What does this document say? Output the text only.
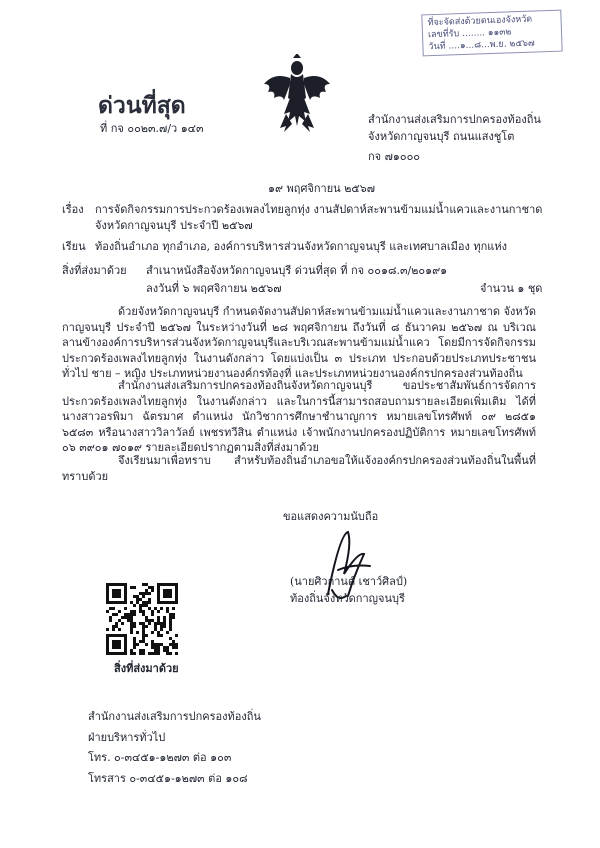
ที่จะจัดส่งด้วยตนเองจังหวัด
เลขที่รับ ........ ๑๑๓๒
วันที่ ....๑...๘...พ.ย. ๒๕๖๗
ด่วนที่สุด
ที่ กจ ๐๐๒๓.๗/ว ๑๔๓
สำนักงานส่งเสริมการปกครองท้องถิ่น
จังหวัดกาญจนบุรี ถนนแสงชูโต
กจ ๗๑๐๐๐
๑๙ พฤศจิกายน ๒๕๖๗
เรื่อง การจัดกิจกรรมการประกวดร้องเพลงไทยลูกทุ่ง งานสัปดาห์สะพานข้ามแม่น้ำแควและงานกาชาด
จังหวัดกาญจนบุรี ประจำปี ๒๕๖๗
เรียน ท้องถิ่นอำเภอ ทุกอำเภอ, องค์การบริหารส่วนจังหวัดกาญจนบุรี และเทศบาลเมือง ทุกแห่ง
สิ่งที่ส่งมาด้วย สำเนาหนังสือจังหวัดกาญจนบุรี ด่วนที่สุด ที่ กจ ๐๐๑๘.๓/๒๐๑๙๑
ลงวันที่ ๖ พฤศจิกายน ๒๕๖๗	จำนวน ๑ ชุด
ด้วยจังหวัดกาญจนบุรี กำหนดจัดงานสัปดาห์สะพานข้ามแม่น้ำแควและงานกาชาด จังหวัดกาญจนบุรี ประจำปี ๒๕๖๗ ในระหว่างวันที่ ๒๘ พฤศจิกายน ถึงวันที่ ๘ ธันวาคม ๒๕๖๗ ณ บริเวณลานข้างองค์การบริหารส่วนจังหวัดกาญจนบุรีและบริเวณสะพานข้ามแม่น้ำแคว โดยมีการจัดกิจกรรมประกวดร้องเพลงไทยลูกทุ่ง ในงานดังกล่าว โดยแบ่งเป็น ๓ ประเภท ประกอบด้วยประเภทประชาชนทั่วไป ชาย – หญิง ประเภทหน่วยงานองค์กรท้องที่ และประเภทหน่วยงานองค์กรปกครองส่วนท้องถิ่น
สำนักงานส่งเสริมการปกครองท้องถิ่นจังหวัดกาญจนบุรี ขอประชาสัมพันธ์การจัดการประกวดร้องเพลงไทยลูกทุ่ง ในงานดังกล่าว และในการนี้สามารถสอบถามรายละเอียดเพิ่มเติม ได้ที่ นางสาวอรพิมา ฉัตรมาศ ตำแหน่ง นักวิชาการศึกษาชำนาญการ หมายเลขโทรศัพท์ ๐๙ ๒๘๕๑ ๖๕๘๓ หรือนางสาววิลาวัลย์ เพชรทวีสิน ตำแหน่ง เจ้าพนักงานปกครองปฏิบัติการ หมายเลขโทรศัพท์ ๐๖ ๓๙๐๑ ๗๐๑๙ รายละเอียดปรากฏตามสิ่งที่ส่งมาด้วย
จึงเรียนมาเพื่อทราบ สำหรับท้องถิ่นอำเภอขอให้แจ้งองค์กรปกครองส่วนท้องถิ่นในพื้นที่ทราบด้วย
ขอแสดงความนับถือ
(นายศิวกานต์ เชาว์ศิลป์)
ท้องถิ่นจังหวัดกาญจนบุรี
สิ่งที่ส่งมาด้วย
สำนักงานส่งเสริมการปกครองท้องถิ่น
ฝ่ายบริหารทั่วไป
โทร. ๐-๓๔๕๑-๑๒๗๓ ต่อ ๑๐๓
โทรสาร ๐-๓๔๕๑-๑๒๗๓ ต่อ ๑๐๘
